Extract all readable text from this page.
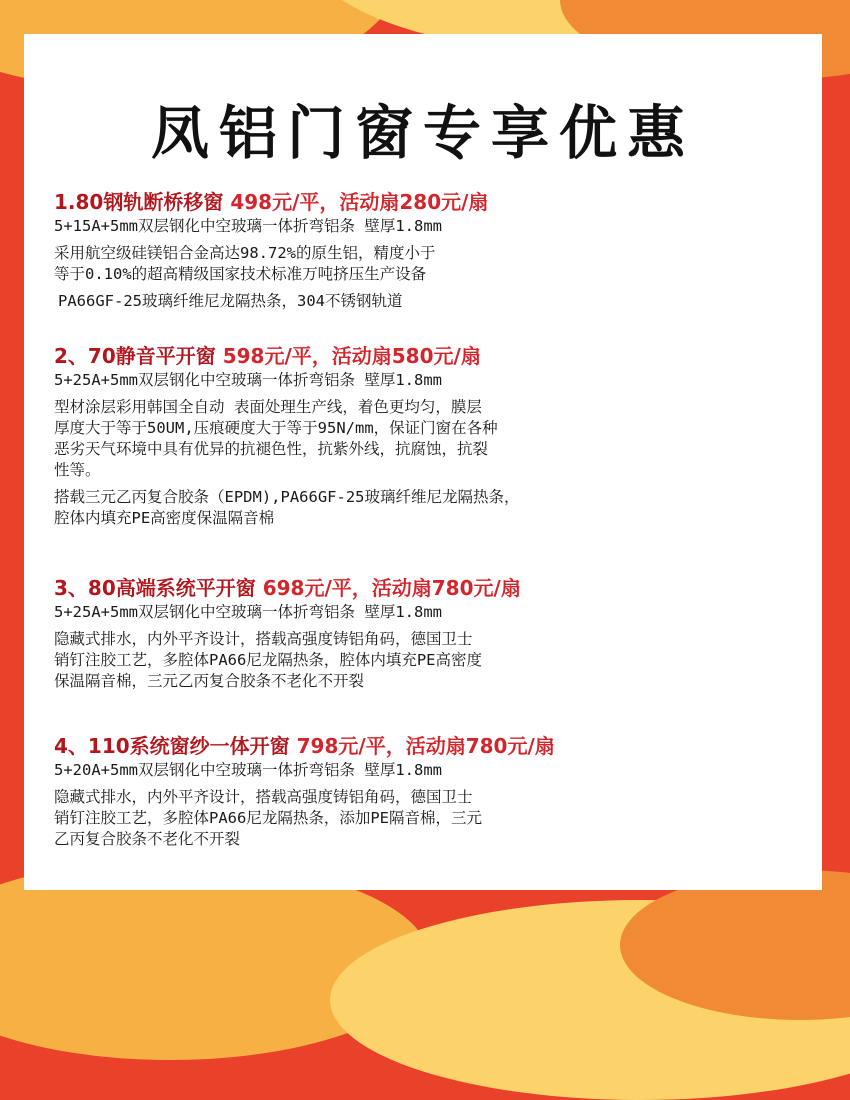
凤铝门窗专享优惠
1.80钢轨断桥移窗 498元/平，活动扇280元/扇
5+15A+5mm双层钢化中空玻璃一体折弯铝条 壁厚1.8mm
采用航空级硅镁铝合金高达98.72%的原生铝，精度小于
等于0.10%的超高精级国家技术标准万吨挤压生产设备
PA66GF-25玻璃纤维尼龙隔热条，304不锈钢轨道
2、70静音平开窗 598元/平，活动扇580元/扇
5+25A+5mm双层钢化中空玻璃一体折弯铝条 壁厚1.8mm
型材涂层彩用韩国全自动 表面处理生产线，着色更均匀，膜层
厚度大于等于50UM,压痕硬度大于等于95N/mm，保证门窗在各种
恶劣天气环境中具有优异的抗褪色性，抗紫外线，抗腐蚀，抗裂
性等。
搭载三元乙丙复合胶条（EPDM),PA66GF-25玻璃纤维尼龙隔热条，
腔体内填充PE高密度保温隔音棉
3、80高端系统平开窗 698元/平，活动扇780元/扇
5+25A+5mm双层钢化中空玻璃一体折弯铝条 壁厚1.8mm
隐藏式排水，内外平齐设计，搭载高强度铸铝角码，德国卫士
销钉注胶工艺，多腔体PA66尼龙隔热条，腔体内填充PE高密度
保温隔音棉，三元乙丙复合胶条不老化不开裂
4、110系统窗纱一体开窗 798元/平，活动扇780元/扇
5+20A+5mm双层钢化中空玻璃一体折弯铝条 壁厚1.8mm
隐藏式排水，内外平齐设计，搭载高强度铸铝角码，德国卫士
销钉注胶工艺，多腔体PA66尼龙隔热条，添加PE隔音棉，三元
乙丙复合胶条不老化不开裂
